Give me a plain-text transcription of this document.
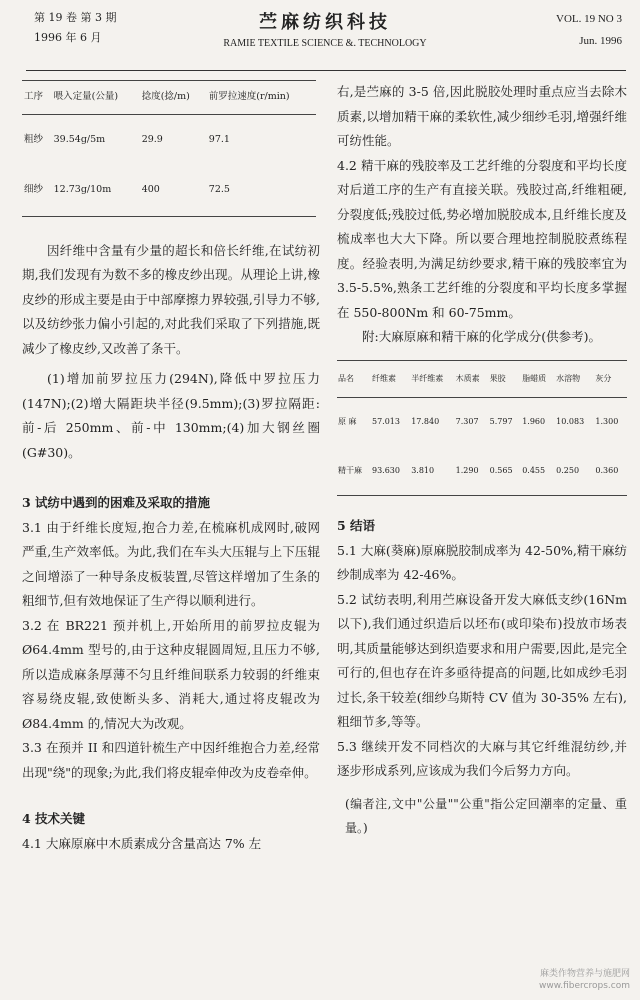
第 19 卷 第 3 期
1996 年 6 月
苎麻纺织科技
RAMIE TEXTILE SCIENCE &. TECHNOLOGY
VOL. 19 NO 3
Jun. 1996
工序	喂入定量(公量)	捻度(捻/m)	前罗拉速度(r/min)
粗纱	39.54g/5m	29.9	97.1
细纱	12.73g/10m	400	72.5

因纤维中含量有少量的超长和倍长纤维,在试纺初期,我们发现有为数不多的橡皮纱出现。从理论上讲,橡皮纱的形成主要是由于中部摩擦力界较强,引导力不够,以及纺纱张力偏小引起的,对此我们采取了下列措施,既减少了橡皮纱,又改善了条干。

(1)增加前罗拉压力(294N),降低中罗拉压力(147N);(2)增大隔距块半径(9.5mm);(3)罗拉隔距:前-后 250mm、前-中 130mm;(4)加大钢丝圈(G#30)。

3 试纺中遇到的困难及采取的措施

3.1 由于纤维长度短,抱合力差,在梳麻机成网时,破网严重,生产效率低。为此,我们在车头大压辊与上下压辊之间增添了一种导条皮板装置,尽管这样增加了生条的粗细节,但有效地保证了生产得以顺利进行。

3.2 在 BR221 预并机上,开始所用的前罗拉皮辊为 Ø64.4mm 型号的,由于这种皮辊圆周短,且压力不够,所以造成麻条厚薄不匀且纤维间联系力较弱的纤维束容易绕皮辊,致使断头多、消耗大,通过将皮辊改为 Ø84.4mm 的,情况大为改观。

3.3 在预并 II 和四道针梳生产中因纤维抱合力差,经常出现"绕"的现象;为此,我们将皮辊牵伸改为皮卷牵伸。

4 技术关键

4.1 大麻原麻中木质素成分含量高达 7% 左

右,是苎麻的 3-5 倍,因此脱胶处理时重点应当去除木质素,以增加精干麻的柔软性,减少细纱毛羽,增强纤维可纺性能。

4.2 精干麻的残胶率及工艺纤维的分裂度和平均长度对后道工序的生产有直接关联。残胶过高,纤维粗硬,分裂度低;残胶过低,势必增加脱胶成本,且纤维长度及梳成率也大大下降。所以要合理地控制脱胶煮练程度。经验表明,为满足纺纱要求,精干麻的残胶率宜为 3.5-5.5%,熟条工艺纤维的分裂度和平均长度多掌握在 550-800Nm 和 60-75mm。

附:大麻原麻和精干麻的化学成分(供参考)。

品名	纤维素	半纤维素	木质素	果胶	脂蜡质	水溶物	灰分
原 麻	57.013	17.840	7.307	5.797	1.960	10.083	1.300
精干麻	93.630	3.810	1.290	0.565	0.455	0.250	0.360

5 结语

5.1 大麻(葵麻)原麻脱胶制成率为 42-50%,精干麻纺纱制成率为 42-46%。

5.2 试纺表明,利用苎麻设备开发大麻低支纱(16Nm 以下),我们通过织造后以坯布(或印染布)投放市场表明,其质量能够达到织造要求和用户需要,因此,是完全可行的,但也存在许多亟待提高的问题,比如成纱毛羽过长,条干较差(细纱乌斯特 CV 值为 30-35% 左右),粗细节多,等等。

5.3 继续开发不同档次的大麻与其它纤维混纺纱,并逐步形成系列,应该成为我们今后努力方向。

(编者注,文中"公量""公重"指公定回潮率的定量、重量。)

麻类作物营养与施肥网
www.fibercrops.com
